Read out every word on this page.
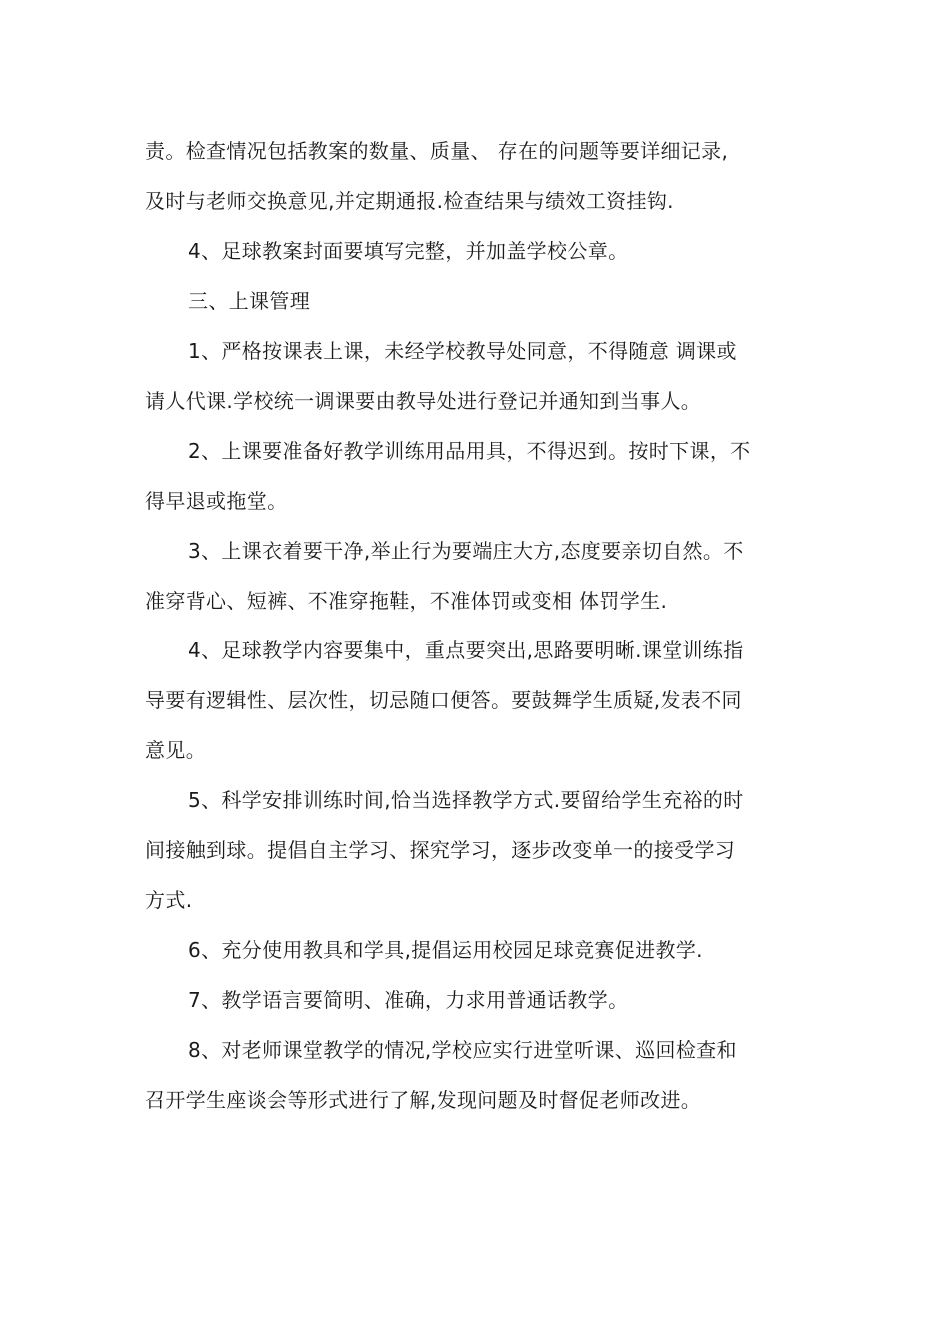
责。检查情况包括教案的数量、质量、 存在的问题等要详细记录,
及时与老师交换意见,并定期通报.检查结果与绩效工资挂钩.
4、足球教案封面要填写完整，并加盖学校公章。
三、上课管理
1、严格按课表上课，未经学校教导处同意，不得随意 调课或
请人代课.学校统一调课要由教导处进行登记并通知到当事人。
2、上课要准备好教学训练用品用具，不得迟到。按时下课，不
得早退或拖堂。
3、上课衣着要干净,举止行为要端庄大方,态度要亲切自然。不
准穿背心、短裤、不准穿拖鞋，不准体罚或变相 体罚学生.
4、足球教学内容要集中，重点要突出,思路要明晰.课堂训练指
导要有逻辑性、层次性，切忌随口便答。要鼓舞学生质疑,发表不同
意见。
5、科学安排训练时间,恰当选择教学方式.要留给学生充裕的时
间接触到球。提倡自主学习、探究学习，逐步改变单一的接受学习
方式.
6、充分使用教具和学具,提倡运用校园足球竞赛促进教学.
7、教学语言要简明、准确，力求用普通话教学。
8、对老师课堂教学的情况,学校应实行进堂听课、巡回检查和
召开学生座谈会等形式进行了解,发现问题及时督促老师改进。
